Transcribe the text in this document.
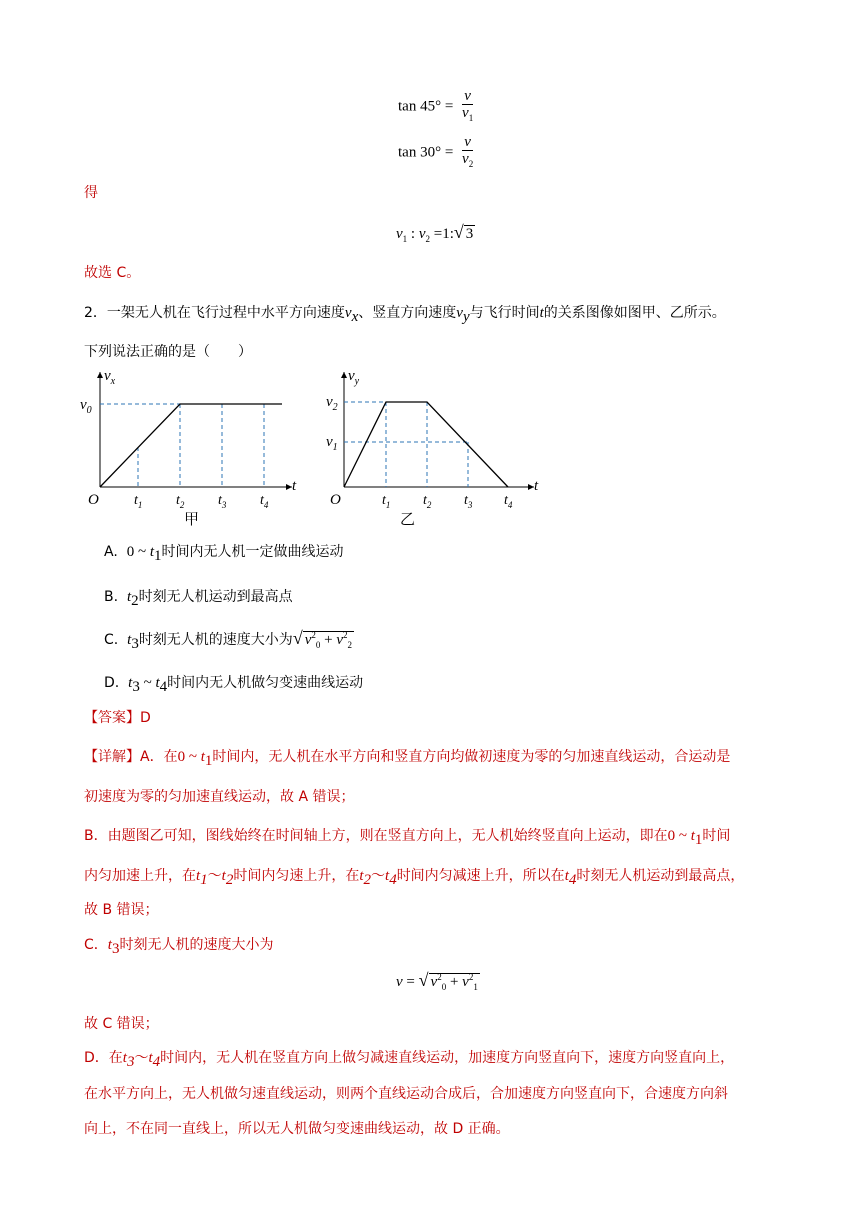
$\tan 45^\circ = \frac{v}{v_1}$
$\tan 30^\circ = \frac{v}{v_2}$
得
$v_1$ : $v_2$ =1:√ 3
故选 C。
2．一架无人机在飞行过程中水平方向速度$v_x$、竖直方向速度$v_y$与飞行时间t的关系图像如图甲、乙所示。
下列说法正确的是（　　）
$v_x$
t
O
$v_0$
$t_1$ $t_2$ $t_3$ $t_4$
甲
$v_y$
t
O
$v_2$
$v_1$
$t_1$ $t_2$ $t_3$ $t_4$
乙
A. 0 ~ $t_1$时间内无人机一定做曲线运动
B. $t_2$时刻无人机运动到最高点
C. $t_3$时刻无人机的速度大小为√ $v^2_0 + v^2_2$
D. $t_3$ ~ $t_4$时间内无人机做匀变速曲线运动
【答案】D
【详解】A．在0 ~ $t_1$时间内，无人机在水平方向和竖直方向均做初速度为零的匀加速直线运动，合运动是
初速度为零的匀加速直线运动，故 A 错误；
B．由题图乙可知，图线始终在时间轴上方，则在竖直方向上，无人机始终竖直向上运动，即在0 ~ $t_1$时间
内匀加速上升，在$t_1\sim t_2$时间内匀速上升，在$t_2\sim t_4$时间内匀减速上升，所以在$t_4$时刻无人机运动到最高点，
故 B 错误；
C．$t_3$时刻无人机的速度大小为
v = √ $v^2_0 + v^2_1$
故 C 错误；
D．在$t_3\sim t_4$时间内，无人机在竖直方向上做匀减速直线运动，加速度方向竖直向下，速度方向竖直向上，
在水平方向上，无人机做匀速直线运动，则两个直线运动合成后，合加速度方向竖直向下，合速度方向斜
向上，不在同一直线上，所以无人机做匀变速曲线运动，故 D 正确。
